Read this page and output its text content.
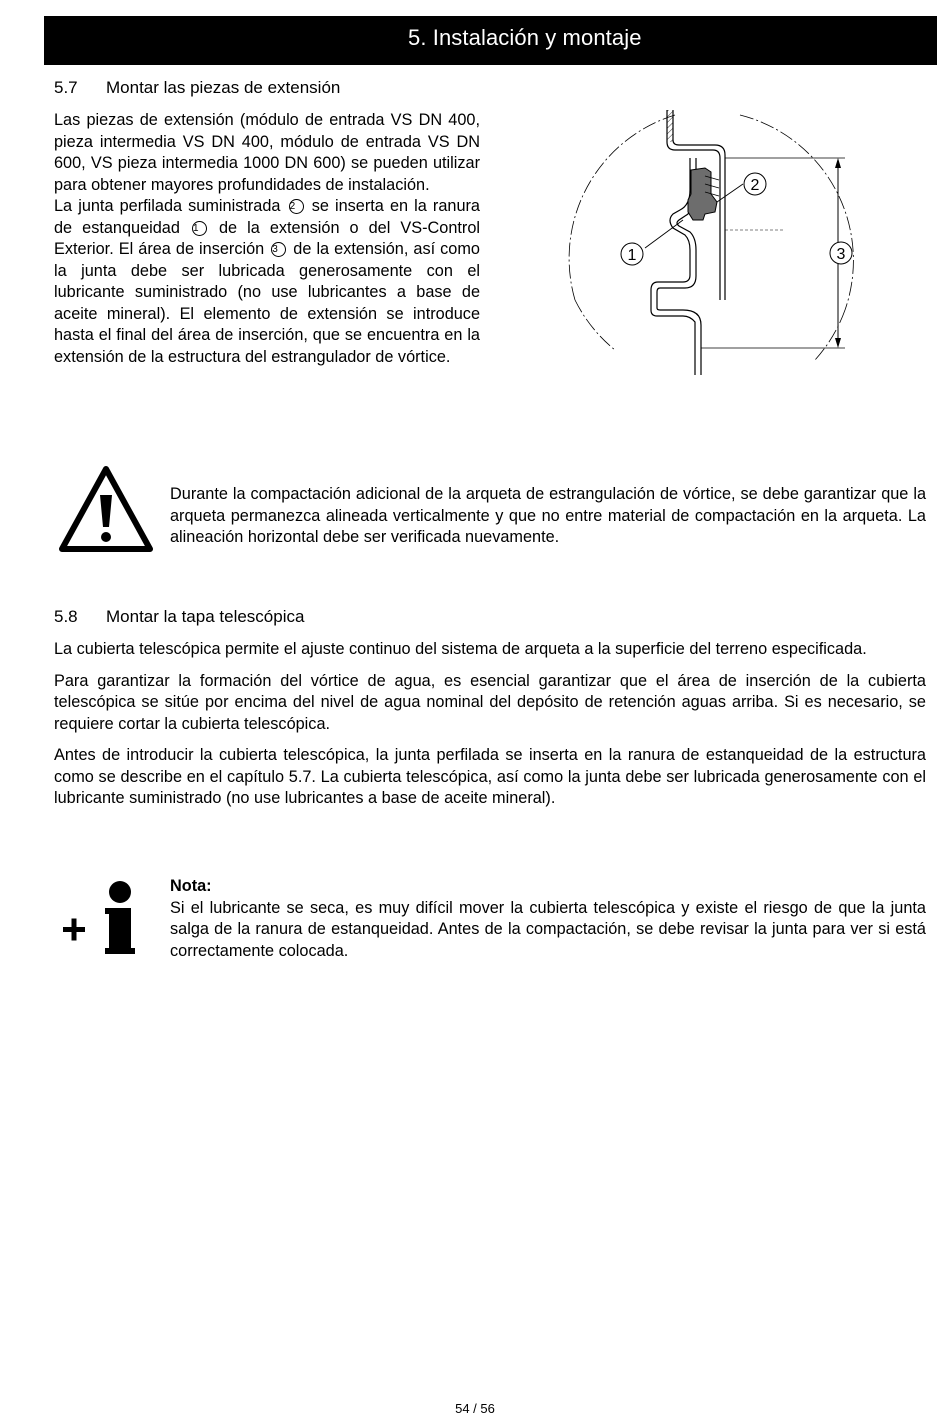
5. Instalación y montaje
5.7 Montar las piezas de extensión

Las piezas de extensión (módulo de entrada VS DN 400, pieza intermedia VS DN 400, módulo de entrada VS DN 600, VS pieza intermedia 1000 DN 600) se pueden utilizar para obtener mayores profundidades de instalación.

La junta perfilada suministrada 2 se inserta en la ranura de estanqueidad 1 de la extensión o del VS-Control Exterior. El área de inserción 3 de la extensión, así como la junta debe ser lubricada generosamente con el lubricante suministrado (no use lubricantes a base de aceite mineral). El elemento de extensión se introduce hasta el final del área de inserción, que se encuentra en la extensión de la estructura del estrangulador de vórtice.

1
2
3

Durante la compactación adicional de la arqueta de estrangulación de vórtice, se debe garantizar que la arqueta permanezca alineada verticalmente y que no entre material de compactación en la arqueta. La alineación horizontal debe ser verificada nuevamente.

5.8 Montar la tapa telescópica

La cubierta telescópica permite el ajuste continuo del sistema de arqueta a la superficie del terreno especificada.

Para garantizar la formación del vórtice de agua, es esencial garantizar que el área de inserción de la cubierta telescópica se sitúe por encima del nivel de agua nominal del depósito de retención aguas arriba. Si es necesario, se requiere cortar la cubierta telescópica.

Antes de introducir la cubierta telescópica, la junta perfilada se inserta en la ranura de estanqueidad de la estructura como se describe en el capítulo 5.7. La cubierta telescópica, así como la junta debe ser lubricada generosamente con el lubricante suministrado (no use lubricantes a base de aceite mineral).

Nota:

Si el lubricante se seca, es muy difícil mover la cubierta telescópica y existe el riesgo de que la junta salga de la ranura de estanqueidad. Antes de la compactación, se debe revisar la junta para ver si está correctamente colocada.

54 / 56
